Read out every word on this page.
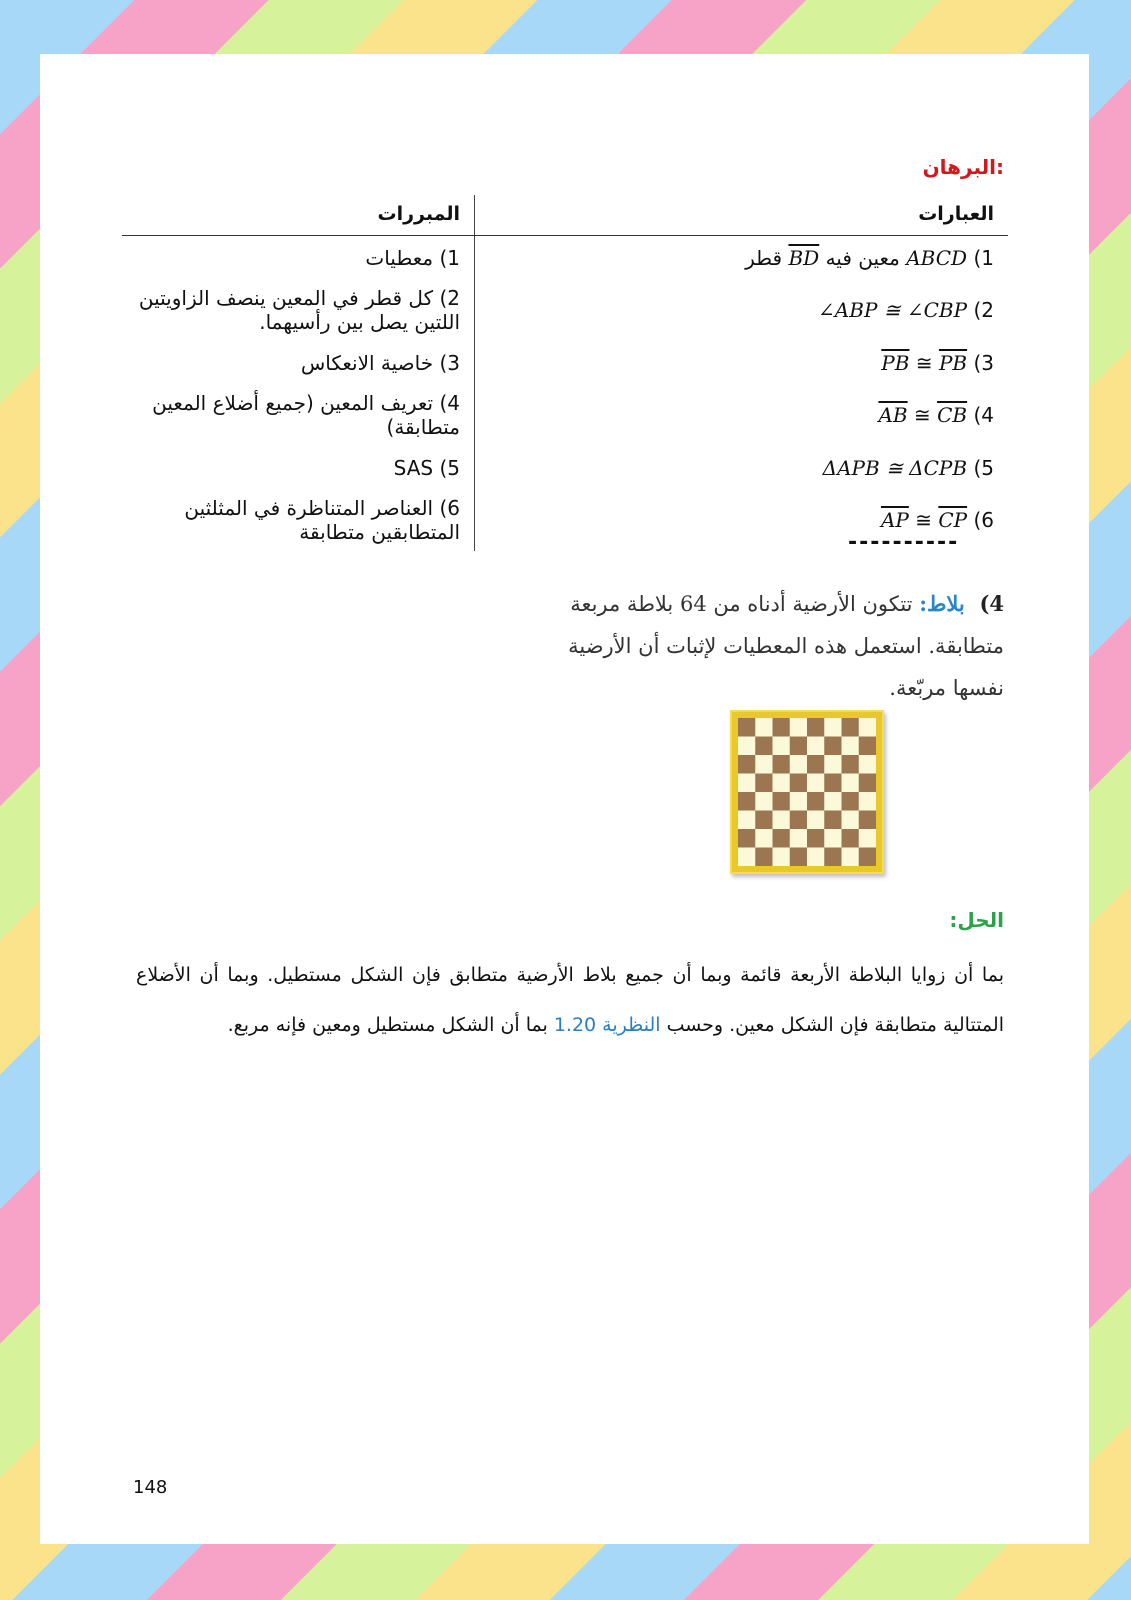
البرهان:
العبارات	المبررات
1) ABCD معين فيه BD قطر	1) معطيات
2) ∠ABP ≅ ∠CBP	2) كل قطر في المعين ينصف الزاويتين اللتين يصل بين رأسيهما.
3) $\overline{PB}$ ≅ $\overline{PB}$	3) خاصية الانعكاس
4) $\overline{AB}$ ≅ $\overline{CB}$	4) تعريف المعين (جميع أضلاع المعين متطابقة)
5) ΔAPB ≅ ΔCPB	5) SAS
6) $\overline{AP}$ ≅ $\overline{CP}$	6) العناصر المتناظرة في المثلثين المتطابقين متطابقة	----------
4) بلاط: تتكون الأرضية أدناه من 64 بلاطة مربعة متطابقة. استعمل هذه المعطيات لإثبات أن الأرضية نفسها مربّعة.
الحل:
بما أن زوايا البلاطة الأربعة قائمة وبما أن جميع بلاط الأرضية متطابق فإن الشكل مستطيل. وبما أن الأضلاع المتتالية متطابقة فإن الشكل معين. وحسب النظرية 1.20 بما أن الشكل مستطيل ومعين فإنه مربع.
148
